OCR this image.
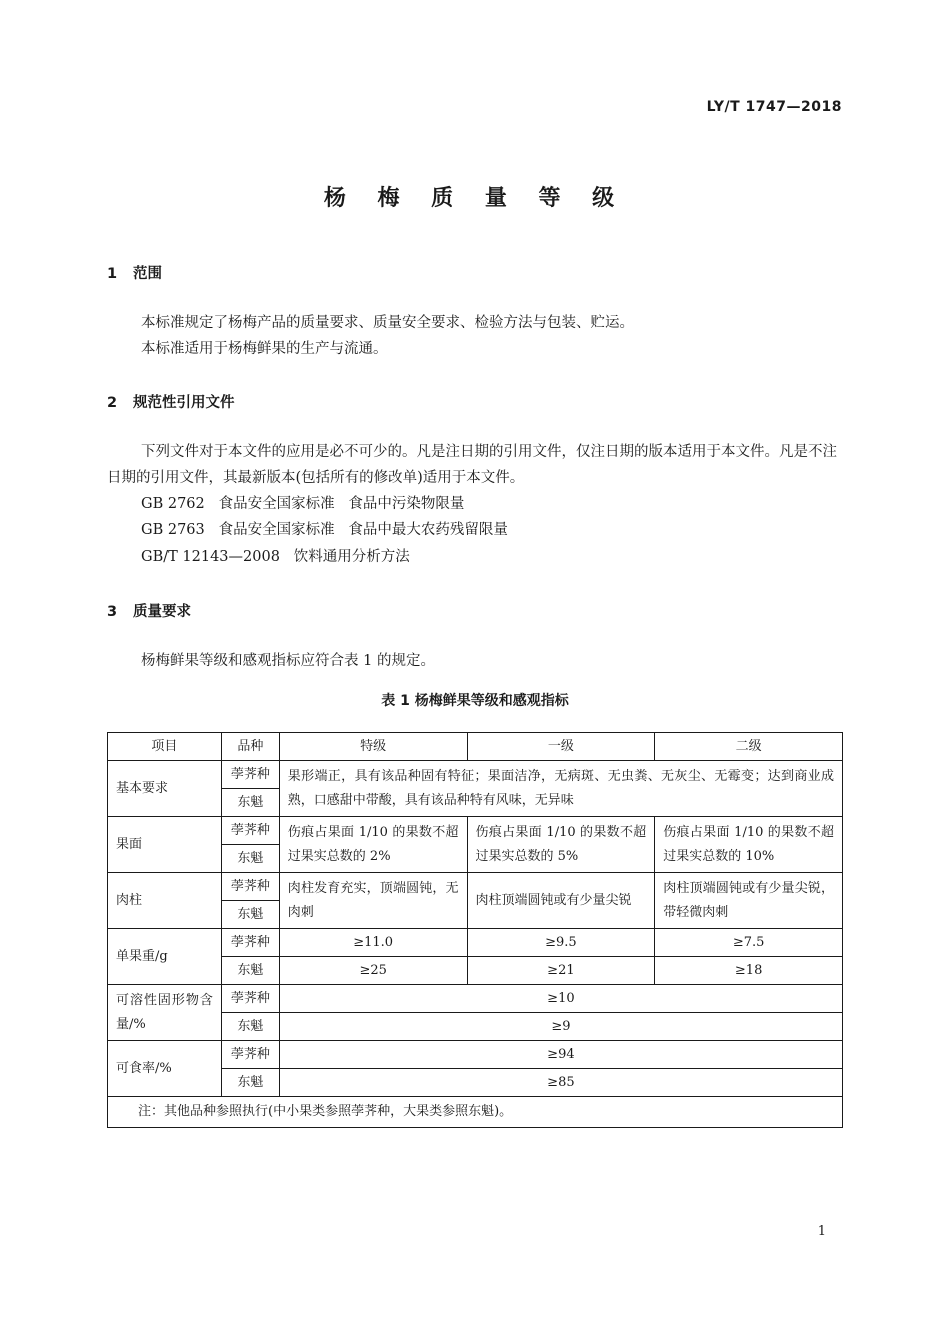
LY/T 1747—2018
杨 梅 质 量 等 级
1 范围
本标准规定了杨梅产品的质量要求、质量安全要求、检验方法与包装、贮运。
本标准适用于杨梅鲜果的生产与流通。
2 规范性引用文件
下列文件对于本文件的应用是必不可少的。凡是注日期的引用文件，仅注日期的版本适用于本文件。凡是不注日期的引用文件，其最新版本(包括所有的修改单)适用于本文件。
GB 2762   食品安全国家标准   食品中污染物限量
GB 2763   食品安全国家标准   食品中最大农药残留限量
GB/T 12143—2008   饮料通用分析方法
3 质量要求
杨梅鲜果等级和感观指标应符合表 1 的规定。
表 1 杨梅鲜果等级和感观指标
项目	品种	特级	一级	二级
基本要求	荸荠种	果形端正，具有该品种固有特征；果面洁净，无病斑、无虫粪、无灰尘、无霉变；达到商业成熟，口感甜中带酸，具有该品种特有风味，无异味		
	东魁			
果面	荸荠种	伤痕占果面 1/10 的果数不超过果实总数的 2%	伤痕占果面 1/10 的果数不超过果实总数的 5%	伤痕占果面 1/10 的果数不超过果实总数的 10%
	东魁			
肉柱	荸荠种	肉柱发育充实，顶端圆钝，无肉刺	肉柱顶端圆钝或有少量尖锐	肉柱顶端圆钝或有少量尖锐，带轻微肉刺
	东魁			
单果重/g	荸荠种	≥11.0	≥9.5	≥7.5
	东魁	≥25	≥21	≥18
可溶性固形物含量/%	荸荠种	≥10		
	东魁	≥9		
可食率/%	荸荠种	≥94		
	东魁	≥85		
注：其他品种参照执行(中小果类参照荸荠种，大果类参照东魁)。				
1
